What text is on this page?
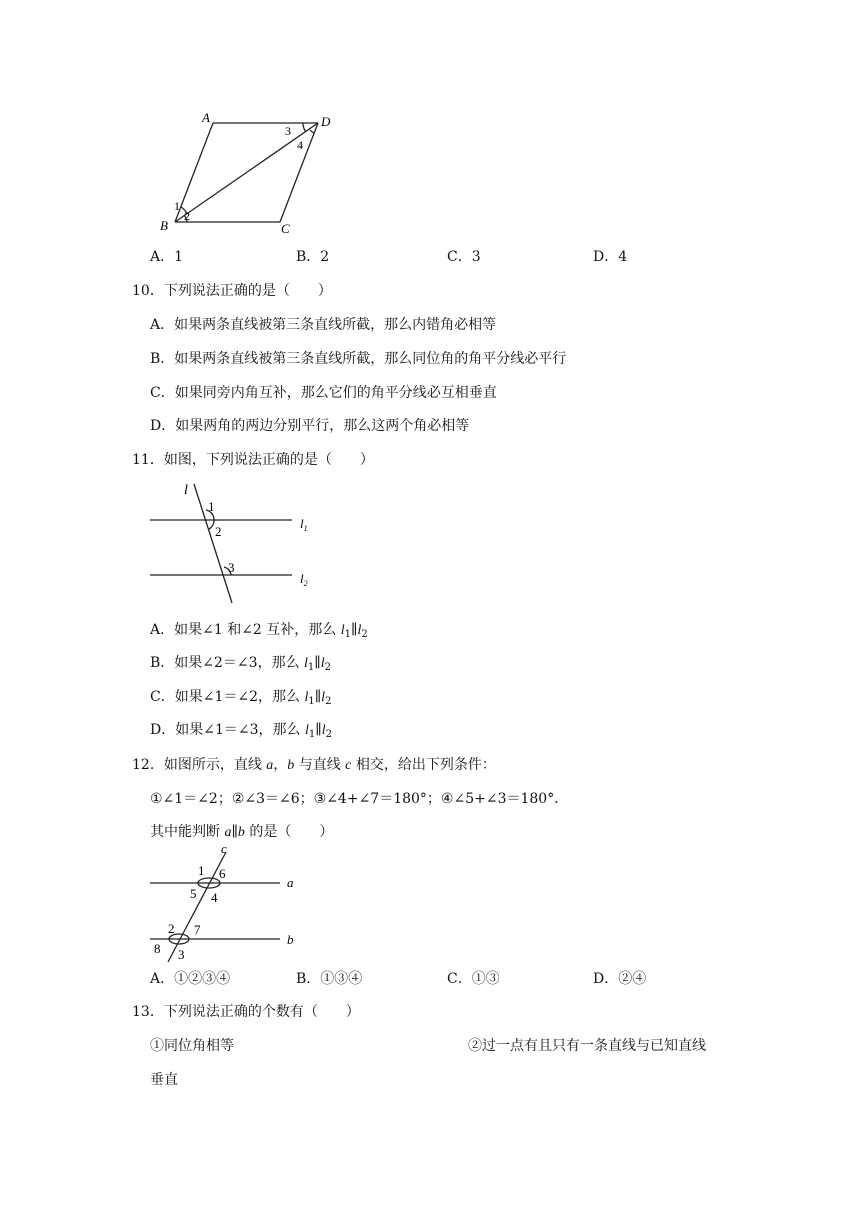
A	D
B	C
1
2
3
4
A．1	B．2	C．3	D．4
10．下列说法正确的是（　　）
A．如果两条直线被第三条直线所截，那么内错角必相等
B．如果两条直线被第三条直线所截，那么同位角的角平分线必平行
C．如果同旁内角互补，那么它们的角平分线必互相垂直
D．如果两角的两边分别平行，那么这两个角必相等
11．如图，下列说法正确的是（　　）
l
1
2
3
$l_1$
$l_2$
A．如果∠1 和∠2 互补，那么 $l_1\parallel l_2$
B．如果∠2＝∠3，那么 $l_1\parallel l_2$
C．如果∠1＝∠2，那么 $l_1\parallel l_2$
D．如果∠1＝∠3，那么 $l_1\parallel l_2$
12．如图所示，直线 a，b 与直线 c 相交，给出下列条件：
①∠1＝∠2；②∠3＝∠6；③∠4+∠7＝180°；④∠5+∠3＝180°．
其中能判断 a∥b 的是（　　）
c
a
b
1 6
5 4
2 7
8 3
A．①②③④	B．①③④	C．①③	D．②④
13．下列说法正确的个数有（　　）
①同位角相等	②过一点有且只有一条直线与已知直线
垂直
